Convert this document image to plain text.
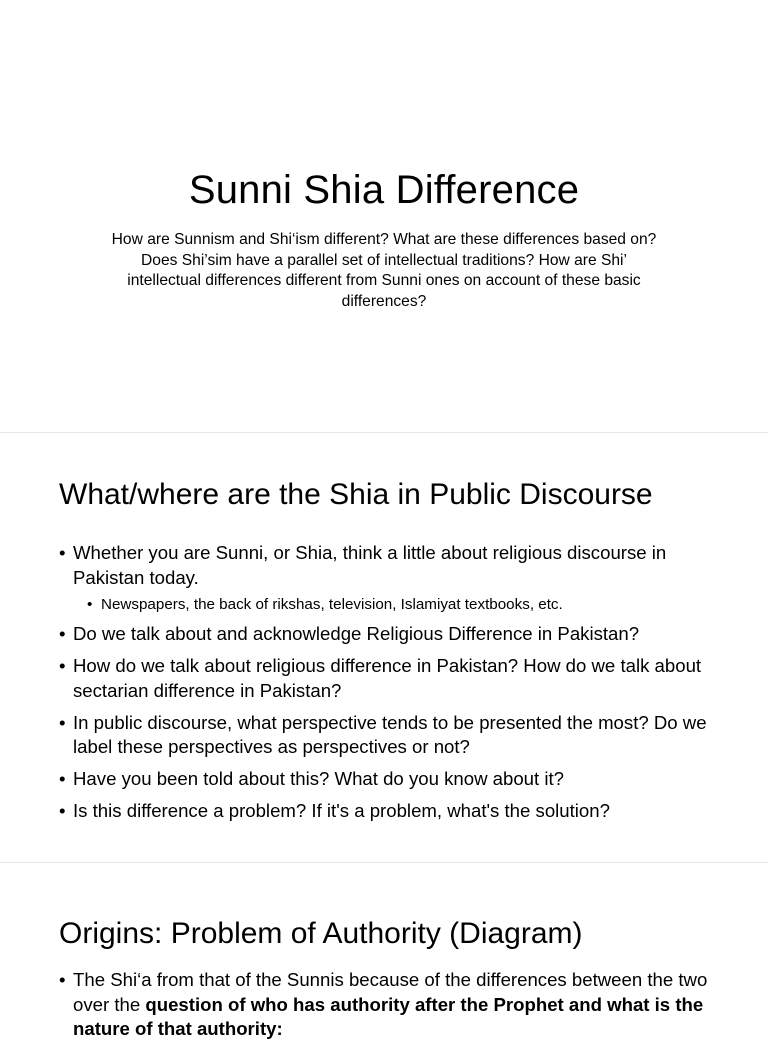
Sunni Shia Difference
How are Sunnism and Shi‘ism different? What are these differences based on? Does Shi’sim have a parallel set of intellectual traditions? How are Shi’ intellectual differences different from Sunni ones on account of these basic differences?
What/where are the Shia in Public Discourse
• Whether you are Sunni, or Shia, think a little about religious discourse in Pakistan today.
• Newspapers, the back of rikshas, television, Islamiyat textbooks, etc.
• Do we talk about and acknowledge Religious Difference in Pakistan?
• How do we talk about religious difference in Pakistan? How do we talk about sectarian difference in Pakistan?
• In public discourse, what perspective tends to be presented the most? Do we label these perspectives as perspectives or not?
• Have you been told about this? What do you know about it?
• Is this difference a problem? If it's a problem, what's the solution?
Origins: Problem of Authority (Diagram)
• The Shi‘a from that of the Sunnis because of the differences between the two over the question of who has authority after the Prophet and what is the nature of that authority:
